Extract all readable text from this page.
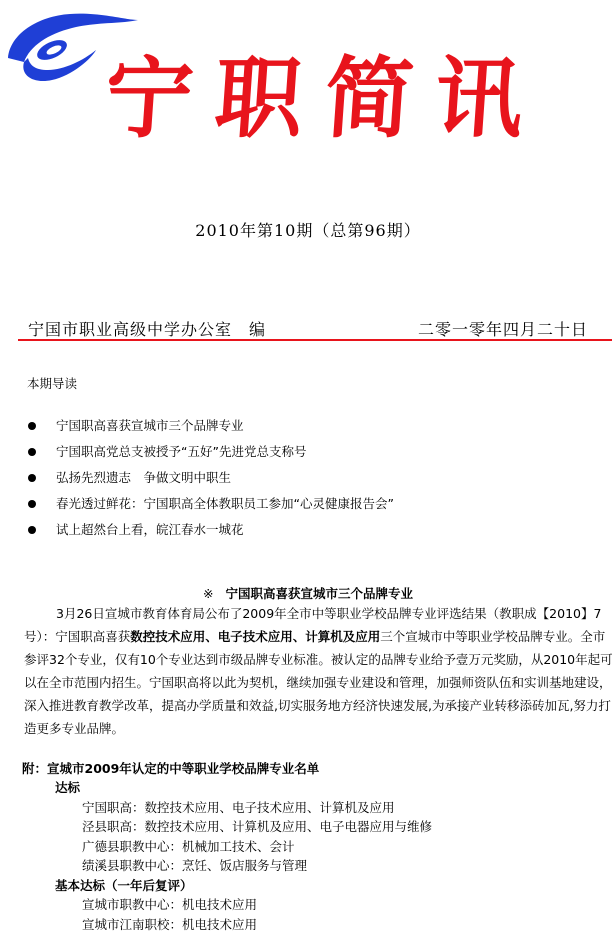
宁职简讯
2010年第10期（总第96期）
宁国市职业高级中学办公室　编	二零一零年四月二十日
本期导读
宁国职高喜获宣城市三个品牌专业
宁国职高党总支被授予“五好”先进党总支称号
弘扬先烈遗志　争做文明中职生
春光透过鲜花：宁国职高全体教职员工参加“心灵健康报告会”
试上超然台上看，皖江春水一城花
※ 宁国职高喜获宣城市三个品牌专业

3月26日宣城市教育体育局公布了2009年全市中等职业学校品牌专业评选结果（教职成【2010】7号）：宁国职高喜获数控技术应用、电子技术应用、计算机及应用三个宣城市中等职业学校品牌专业。全市参评32个专业，仅有10个专业达到市级品牌专业标准。被认定的品牌专业给予壹万元奖励，从2010年起可以在全市范围内招生。宁国职高将以此为契机，继续加强专业建设和管理，加强师资队伍和实训基地建设，深入推进教育教学改革，提高办学质量和效益,切实服务地方经济快速发展,为承接产业转移添砖加瓦,努力打造更多专业品牌。

附：宣城市2009年认定的中等职业学校品牌专业名单
达标
宁国职高：数控技术应用、电子技术应用、计算机及应用
泾县职高：数控技术应用、计算机及应用、电子电器应用与维修
广德县职教中心：机械加工技术、会计
绩溪县职教中心：烹饪、饭店服务与管理
基本达标（一年后复评）
宣城市职教中心：机电技术应用
宣城市江南职校：机电技术应用
